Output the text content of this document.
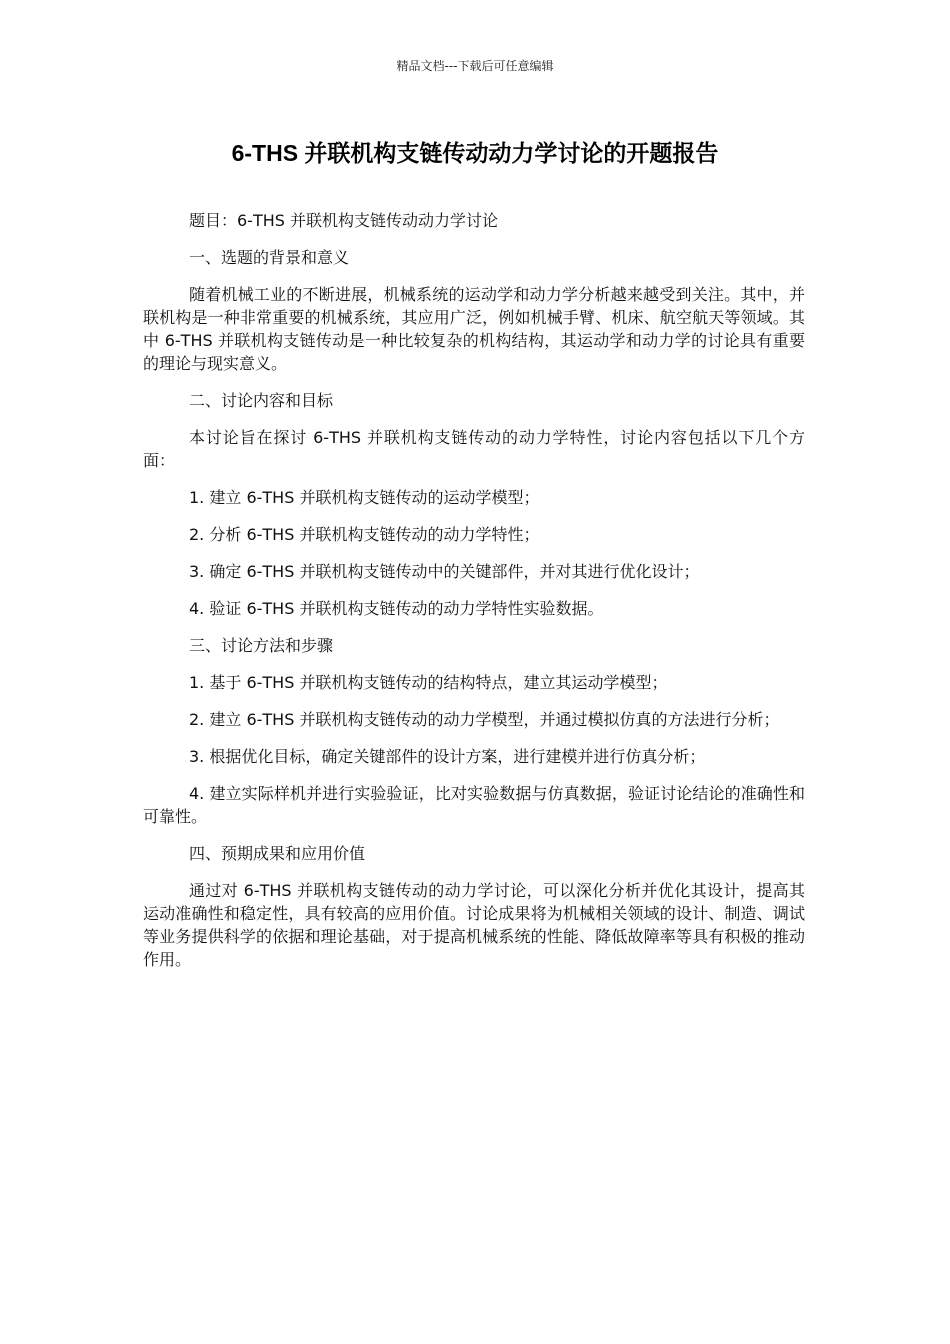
精品文档---下载后可任意编辑
6-THS 并联机构支链传动动力学讨论的开题报告

题目：6-THS 并联机构支链传动动力学讨论

一、选题的背景和意义

随着机械工业的不断进展，机械系统的运动学和动力学分析越来越受到关注。其中，并联机构是一种非常重要的机械系统，其应用广泛，例如机械手臂、机床、航空航天等领域。其中 6-THS 并联机构支链传动是一种比较复杂的机构结构，其运动学和动力学的讨论具有重要的理论与现实意义。

二、讨论内容和目标

本讨论旨在探讨 6-THS 并联机构支链传动的动力学特性，讨论内容包括以下几个方面：

1. 建立 6-THS 并联机构支链传动的运动学模型；

2. 分析 6-THS 并联机构支链传动的动力学特性；

3. 确定 6-THS 并联机构支链传动中的关键部件，并对其进行优化设计；

4. 验证 6-THS 并联机构支链传动的动力学特性实验数据。

三、讨论方法和步骤

1. 基于 6-THS 并联机构支链传动的结构特点，建立其运动学模型；

2. 建立 6-THS 并联机构支链传动的动力学模型，并通过模拟仿真的方法进行分析；

3. 根据优化目标，确定关键部件的设计方案，进行建模并进行仿真分析；

4. 建立实际样机并进行实验验证，比对实验数据与仿真数据，验证讨论结论的准确性和可靠性。

四、预期成果和应用价值

通过对 6-THS 并联机构支链传动的动力学讨论，可以深化分析并优化其设计，提高其运动准确性和稳定性，具有较高的应用价值。讨论成果将为机械相关领域的设计、制造、调试等业务提供科学的依据和理论基础，对于提高机械系统的性能、降低故障率等具有积极的推动作用。
